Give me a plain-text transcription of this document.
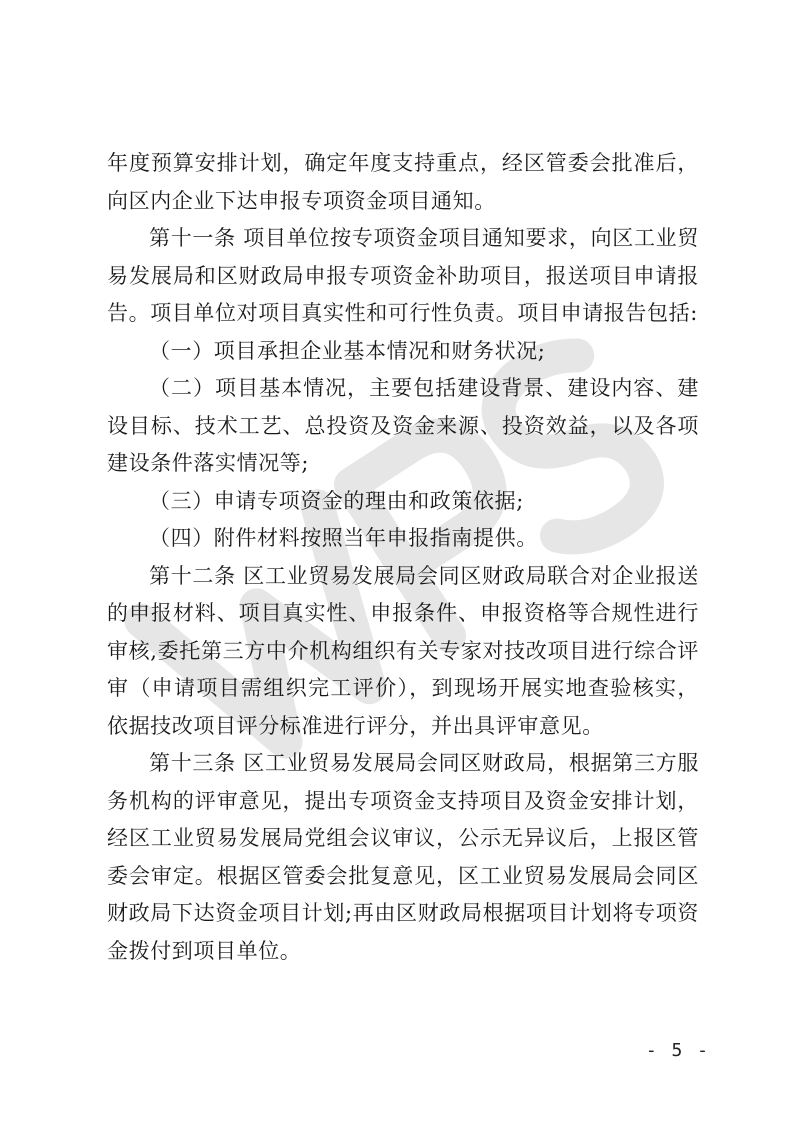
年度预算安排计划，确定年度支持重点，经区管委会批准后，向区内企业下达申报专项资金项目通知。

第十一条 项目单位按专项资金项目通知要求，向区工业贸易发展局和区财政局申报专项资金补助项目，报送项目申请报告。项目单位对项目真实性和可行性负责。项目申请报告包括:

（一）项目承担企业基本情况和财务状况;

（二）项目基本情况，主要包括建设背景、建设内容、建设目标、技术工艺、总投资及资金来源、投资效益，以及各项建设条件落实情况等;

（三）申请专项资金的理由和政策依据;

（四）附件材料按照当年申报指南提供。

第十二条 区工业贸易发展局会同区财政局联合对企业报送的申报材料、项目真实性、申报条件、申报资格等合规性进行审核,委托第三方中介机构组织有关专家对技改项目进行综合评审（申请项目需组织完工评价），到现场开展实地查验核实，依据技改项目评分标准进行评分，并出具评审意见。

第十三条 区工业贸易发展局会同区财政局，根据第三方服务机构的评审意见，提出专项资金支持项目及资金安排计划，经区工业贸易发展局党组会议审议，公示无异议后，上报区管委会审定。根据区管委会批复意见，区工业贸易发展局会同区财政局下达资金项目计划;再由区财政局根据项目计划将专项资金拨付到项目单位。

- 5 -
